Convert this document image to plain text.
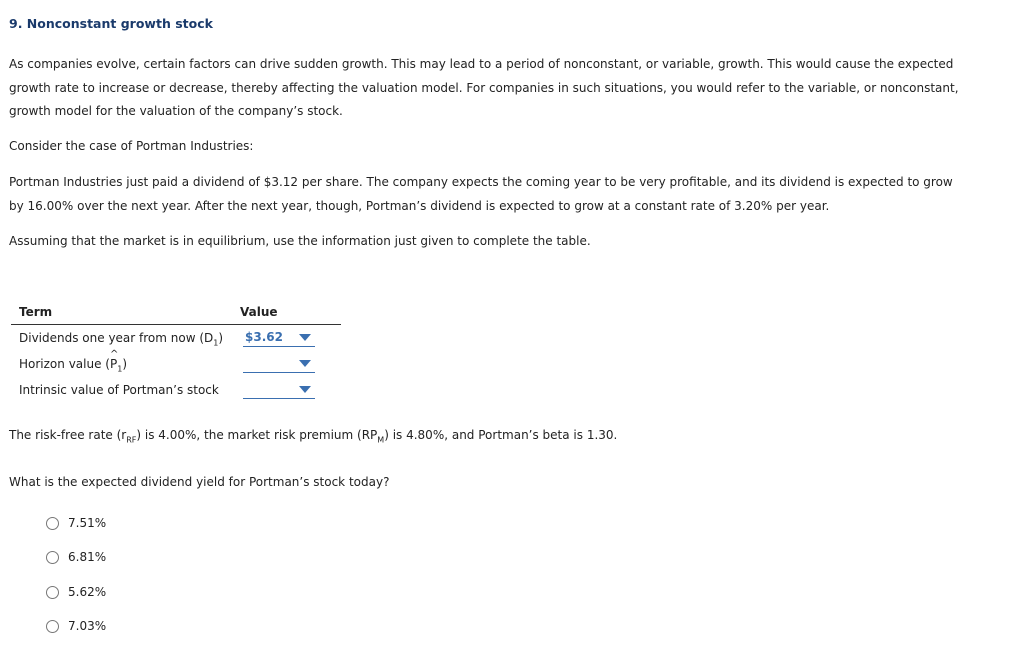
9. Nonconstant growth stock
As companies evolve, certain factors can drive sudden growth. This may lead to a period of nonconstant, or variable, growth. This would cause the expected growth rate to increase or decrease, thereby affecting the valuation model. For companies in such situations, you would refer to the variable, or nonconstant, growth model for the valuation of the company’s stock.
Consider the case of Portman Industries:
Portman Industries just paid a dividend of $3.12 per share. The company expects the coming year to be very profitable, and its dividend is expected to grow by 16.00% over the next year. After the next year, though, Portman’s dividend is expected to grow at a constant rate of 3.20% per year.
Assuming that the market is in equilibrium, use the information just given to complete the table.
Term	Value
Dividends one year from now $(D_1)$ $3.62
Horizon value (^ $P_1$)
Intrinsic value of Portman’s stock
The risk-free rate $(r_{RF})$ is 4.00%, the market risk premium $(RP_M)$ is 4.80%, and Portman’s beta is 1.30.
What is the expected dividend yield for Portman’s stock today?
7.51%
6.81%
5.62%
7.03%
